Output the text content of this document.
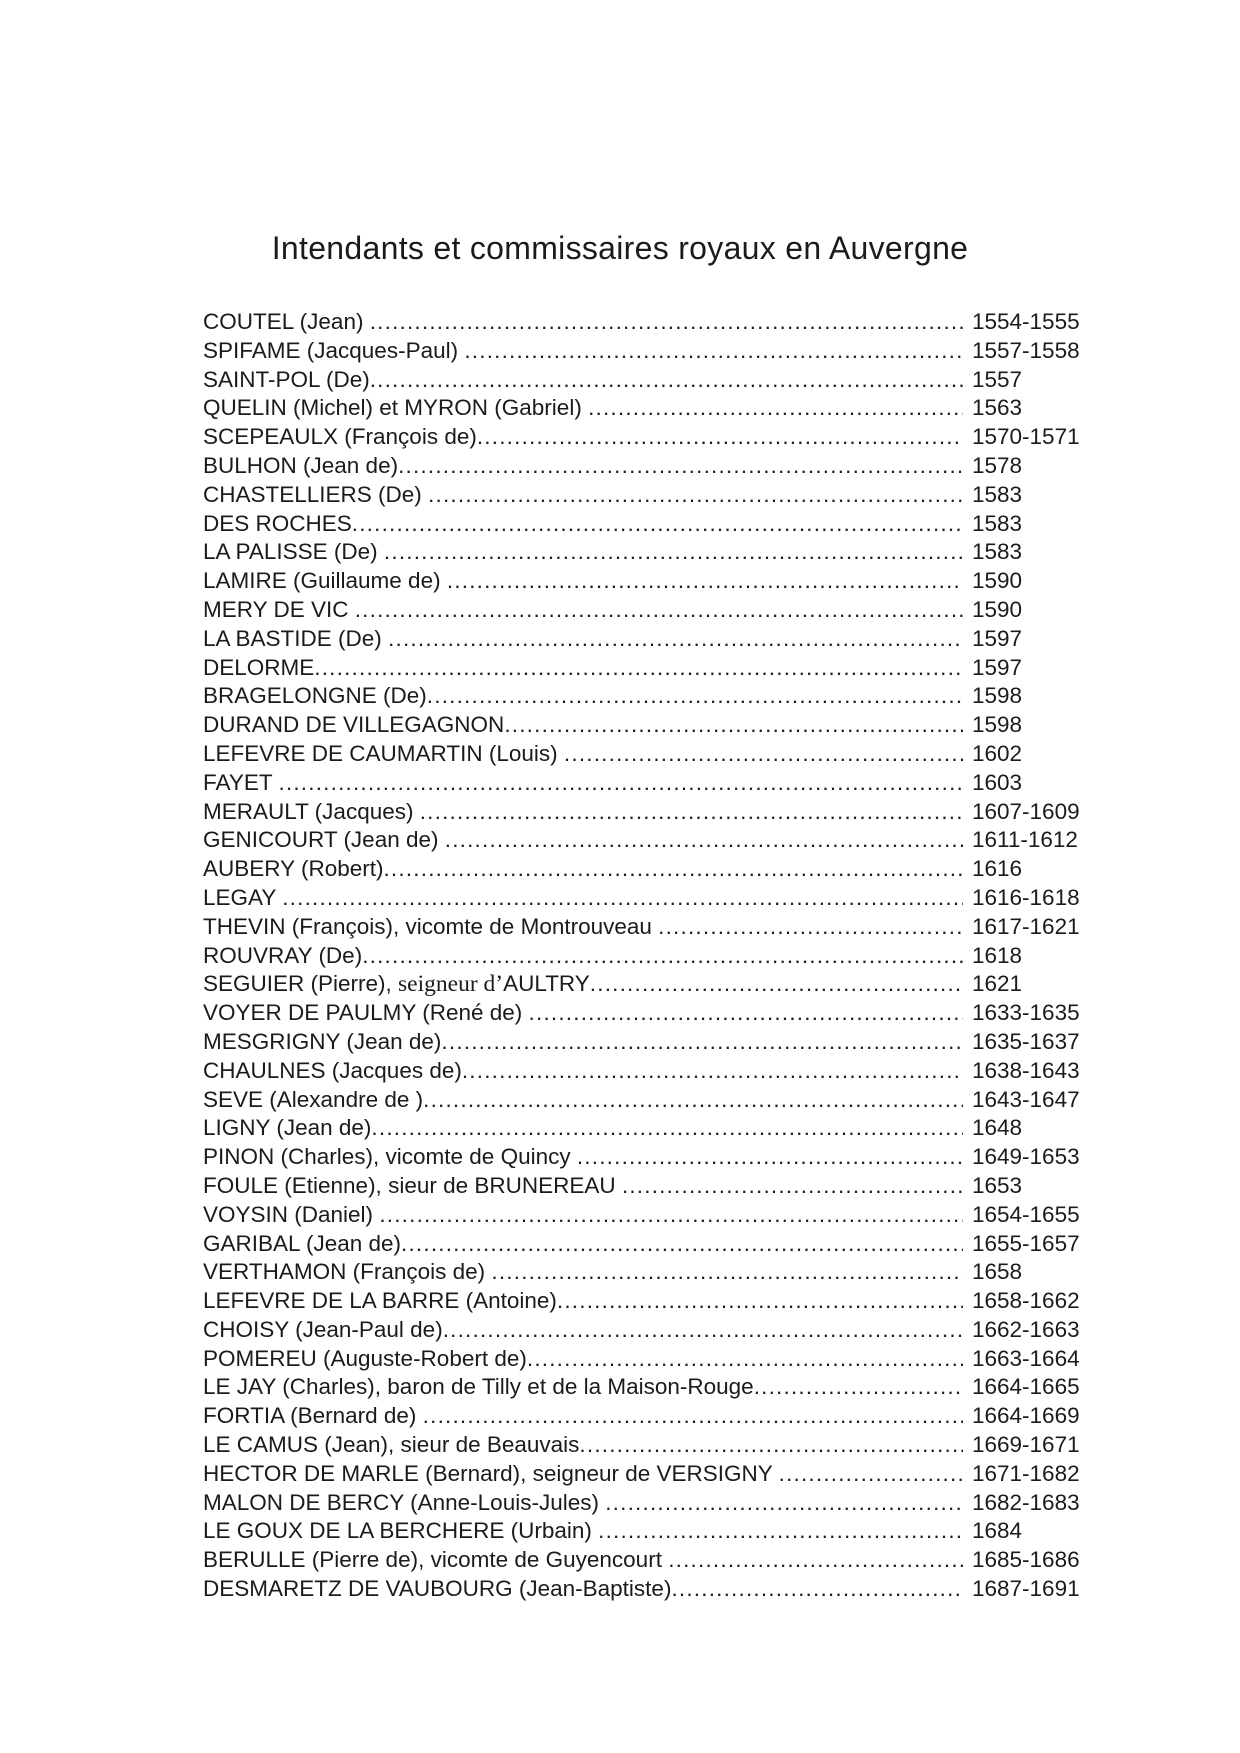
Intendants et commissaires royaux en Auvergne
COUTEL (Jean) .....	1554-1555
SPIFAME (Jacques-Paul) .....	1557-1558
SAINT-POL (De) .....	1557
QUELIN (Michel) et MYRON (Gabriel) .....	1563
SCEPEAULX (François de) .....	1570-1571
BULHON (Jean de) .....	1578
CHASTELLIERS (De) .....	1583
DES ROCHES .....	1583
LA PALISSE (De) .....	1583
LAMIRE (Guillaume de) .....	1590
MERY DE VIC .....	1590
LA BASTIDE (De) .....	1597
DELORME .....	1597
BRAGELONGNE (De) .....	1598
DURAND DE VILLEGAGNON .....	1598
LEFEVRE DE CAUMARTIN (Louis) .....	1602
FAYET .....	1603
MERAULT (Jacques) .....	1607-1609
GENICOURT (Jean de) .....	1611-1612
AUBERY (Robert) .....	1616
LEGAY .....	1616-1618
THEVIN (François), vicomte de Montrouveau .....	1617-1621
ROUVRAY (De) .....	1618
SEGUIER (Pierre), seigneur d’AULTRY .....	1621
VOYER DE PAULMY (René de) .....	1633-1635
MESGRIGNY (Jean de) .....	1635-1637
CHAULNES (Jacques de) .....	1638-1643
SEVE (Alexandre de ) .....	1643-1647
LIGNY (Jean de) .....	1648
PINON (Charles), vicomte de Quincy .....	1649-1653
FOULE (Etienne), sieur de BRUNEREAU .....	1653
VOYSIN (Daniel) .....	1654-1655
GARIBAL (Jean de) .....	1655-1657
VERTHAMON (François de) .....	1658
LEFEVRE DE LA BARRE (Antoine) .....	1658-1662
CHOISY (Jean-Paul de) .....	1662-1663
POMEREU (Auguste-Robert de) .....	1663-1664
LE JAY (Charles), baron de Tilly et de la Maison-Rouge .....	1664-1665
FORTIA (Bernard de) .....	1664-1669
LE CAMUS (Jean), sieur de Beauvais .....	1669-1671
HECTOR DE MARLE (Bernard), seigneur de VERSIGNY .....	1671-1682
MALON DE BERCY (Anne-Louis-Jules) .....	1682-1683
LE GOUX DE LA BERCHERE (Urbain) .....	1684
BERULLE (Pierre de), vicomte de Guyencourt .....	1685-1686
DESMARETZ DE VAUBOURG (Jean-Baptiste) .....	1687-1691
